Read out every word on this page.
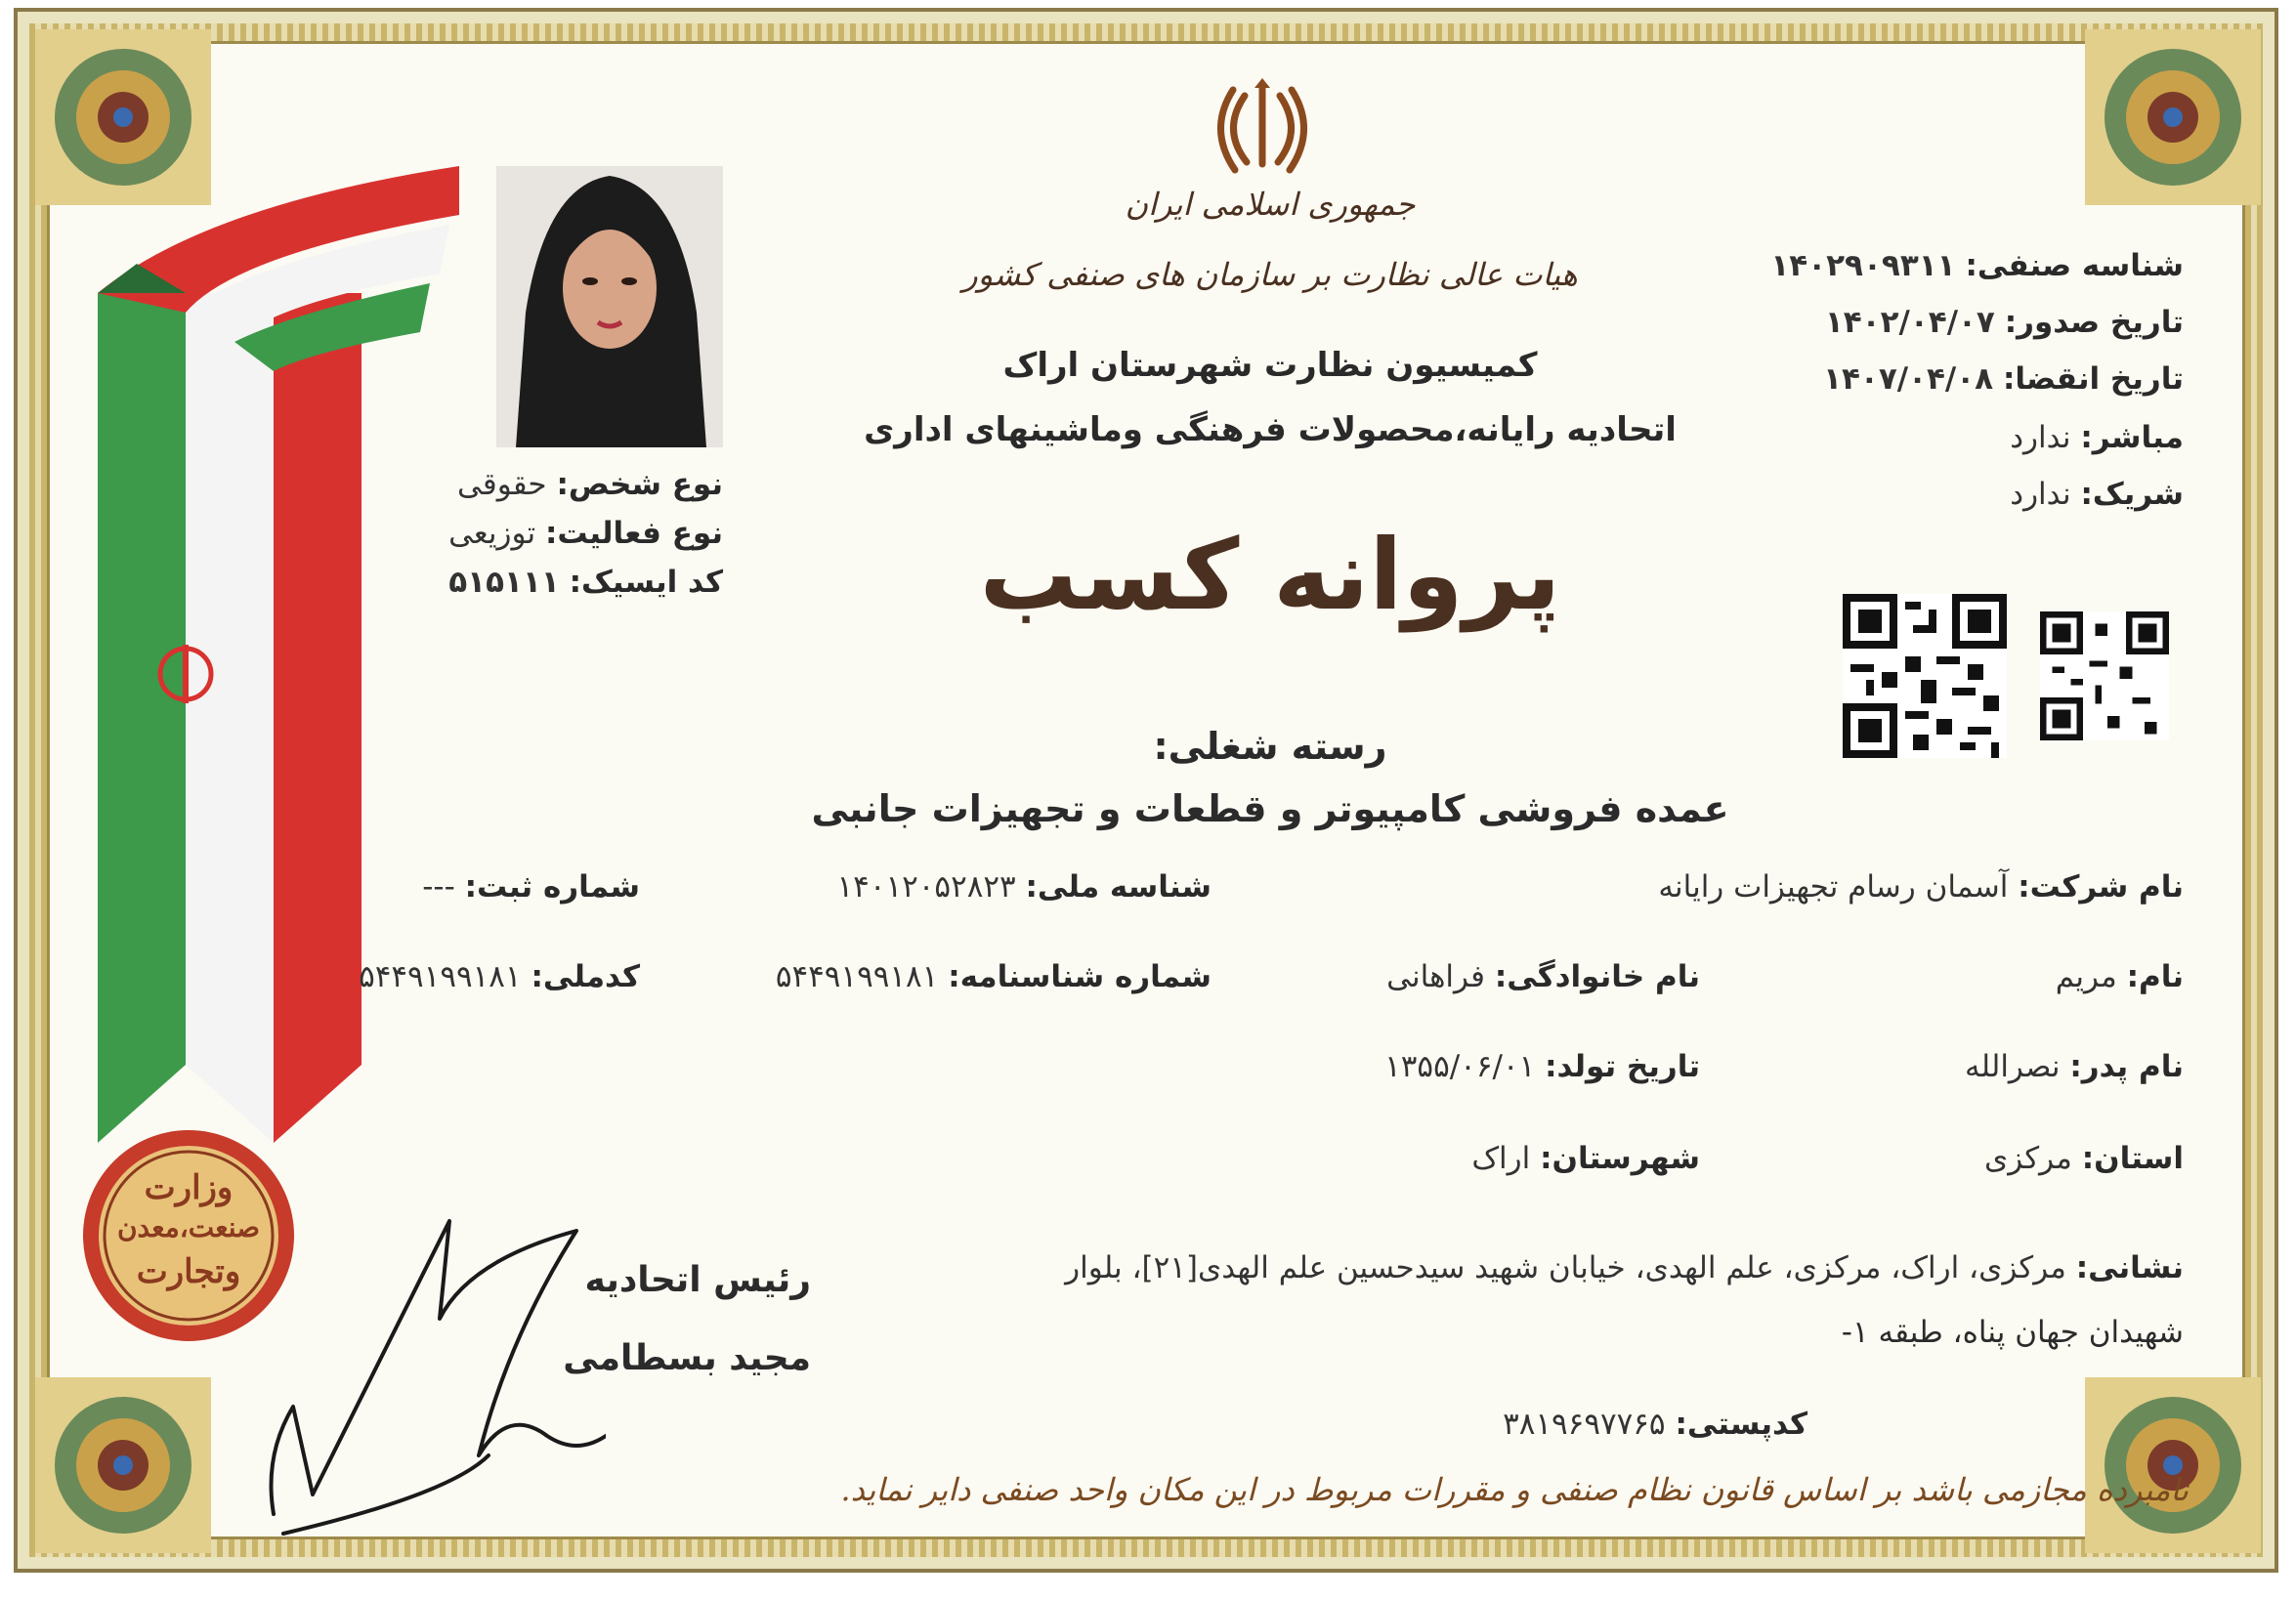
وزارت
صنعت،معدن
وتجارت
جمهوری اسلامی ایران
هیات عالی نظارت بر سازمان های صنفی کشور
کمیسیون نظارت شهرستان اراک
اتحادیه رایانه،محصولات فرهنگی وماشینهای اداری
پروانه کسب
شناسه صنفی: ۱۴۰۲۹۰۹۳۱۱
تاریخ صدور: ۱۴۰۲/۰۴/۰۷
تاریخ انقضا: ۱۴۰۷/۰۴/۰۸
مباشر: ندارد
شریک: ندارد
نوع شخص: حقوقی
نوع فعالیت: توزیعی
کد ایسیک: ۵۱۵۱۱۱
رسته شغلی:
عمده فروشی کامپیوتر و قطعات و تجهیزات جانبی
نام شرکت: آسمان رسام تجهیزات رایانه
شناسه ملی: ۱۴۰۱۲۰۵۲۸۲۳
شماره ثبت: ---
نام: مریم
نام خانوادگی: فراهانی
شماره شناسنامه: ۵۴۴۹۱۹۹۱۸۱
کدملی: ۵۴۴۹۱۹۹۱۸۱
نام پدر: نصرالله
تاریخ تولد: ۱۳۵۵/۰۶/۰۱
استان: مرکزی
شهرستان: اراک
نشانی: مرکزی، اراک، مرکزی، علم الهدی، خیابان شهید سیدحسین علم الهدی[۲۱]، بلوار
شهیدان جهان پناه، طبقه ۱-
کدپستی: ۳۸۱۹۶۹۷۷۶۵
رئیس اتحادیه
مجید بسطامی
نامبرده مجازمی باشد بر اساس قانون نظام صنفی و مقررات مربوط در این مکان واحد صنفی دایر نماید.
